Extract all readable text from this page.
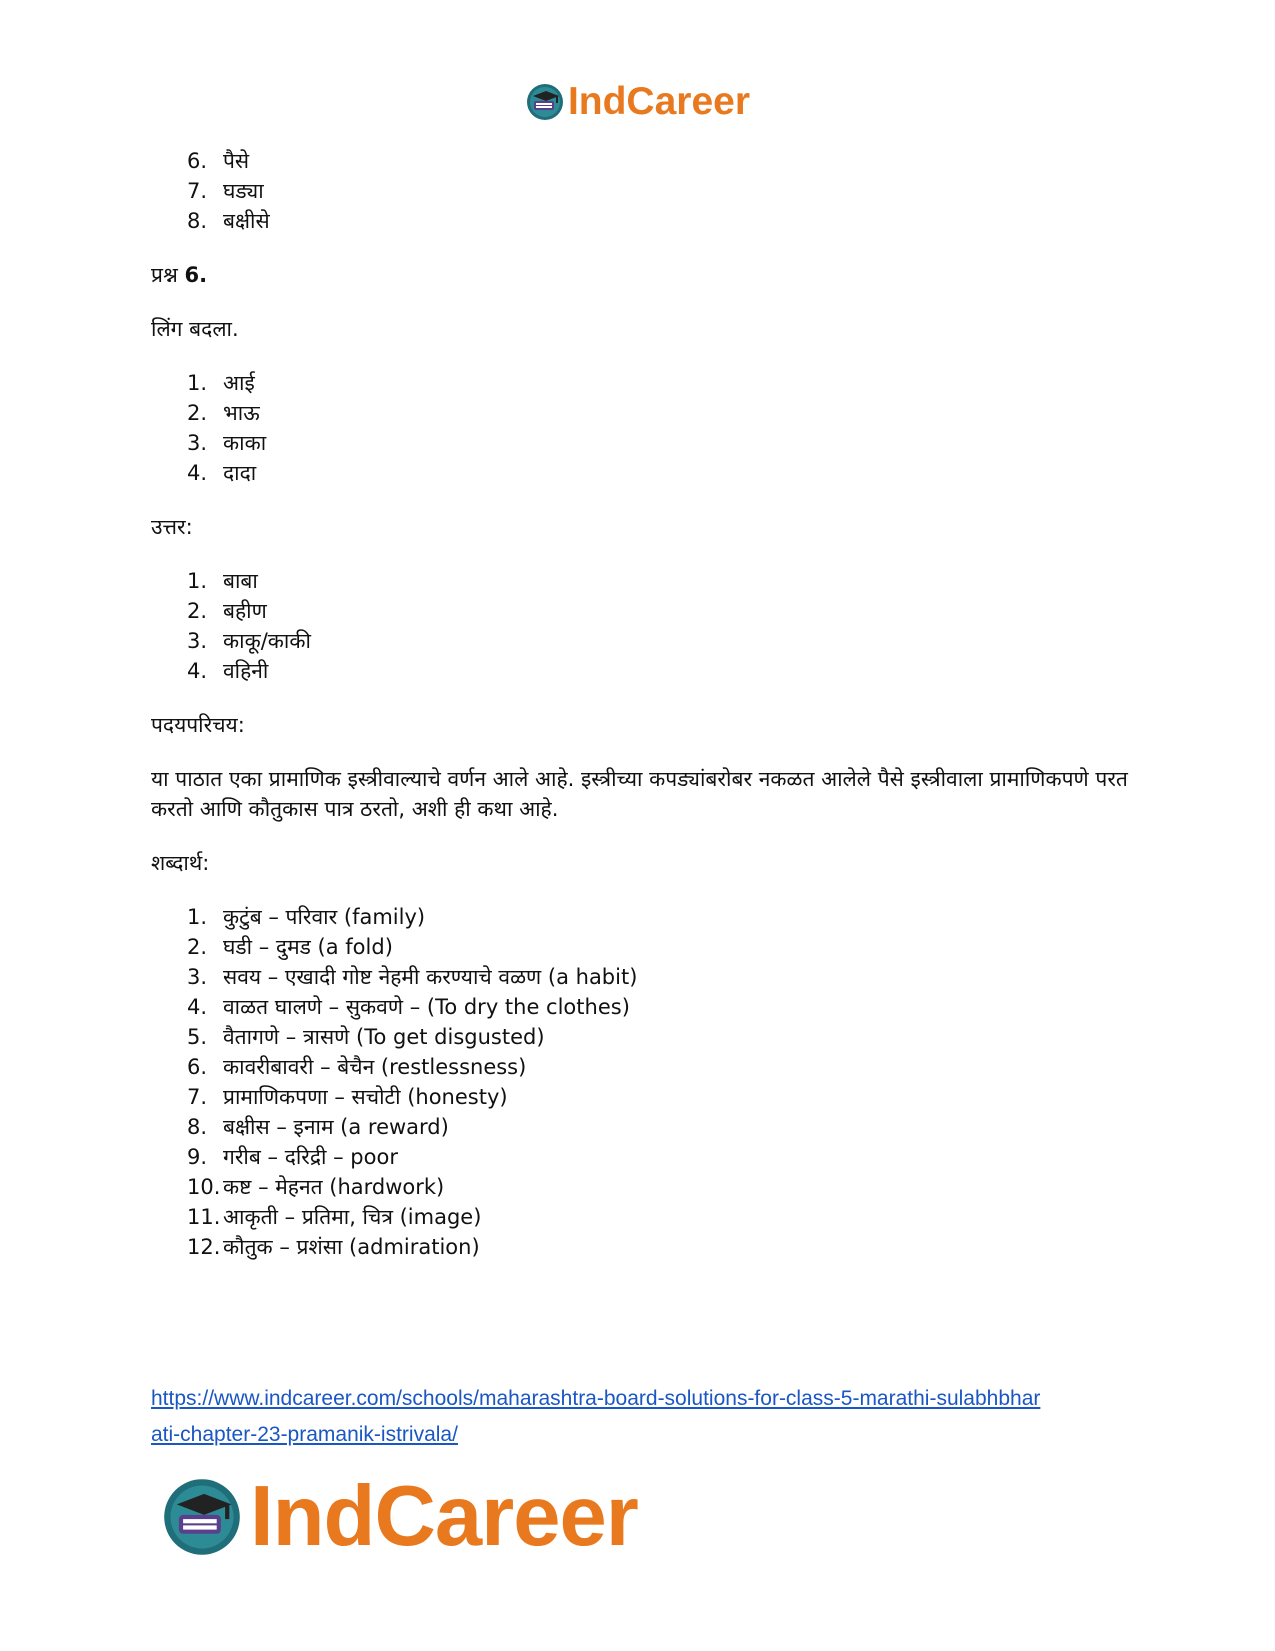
IndCareer
6. पैसे
7. घड्या
8. बक्षीसे

प्रश्न 6.

लिंग बदला.

1. आई
2. भाऊ
3. काका
4. दादा

उत्तर:

1. बाबा
2. बहीण
3. काकू/काकी
4. वहिनी

पदयपरिचय:

या पाठात एका प्रामाणिक इस्त्रीवाल्याचे वर्णन आले आहे. इस्त्रीच्या कपड्यांबरोबर नकळत आलेले पैसे इस्त्रीवाला प्रामाणिकपणे परत करतो आणि कौतुकास पात्र ठरतो, अशी ही कथा आहे.

शब्दार्थ:

1. कुटुंब – परिवार (family)
2. घडी – दुमड (a fold)
3. सवय – एखादी गोष्ट नेहमी करण्याचे वळण (a habit)
4. वाळत घालणे – सुकवणे – (To dry the clothes)
5. वैतागणे – त्रासणे (To get disgusted)
6. कावरीबावरी – बेचैन (restlessness)
7. प्रामाणिकपणा – सचोटी (honesty)
8. बक्षीस – इनाम (a reward)
9. गरीब – दरिद्री – poor
10. कष्ट – मेहनत (hardwork)
11. आकृती – प्रतिमा, चित्र (image)
12. कौतुक – प्रशंसा (admiration)
https://www.indcareer.com/schools/maharashtra-board-solutions-for-class-5-marathi-sulabhbhar
ati-chapter-23-pramanik-istrivala/
IndCareer
